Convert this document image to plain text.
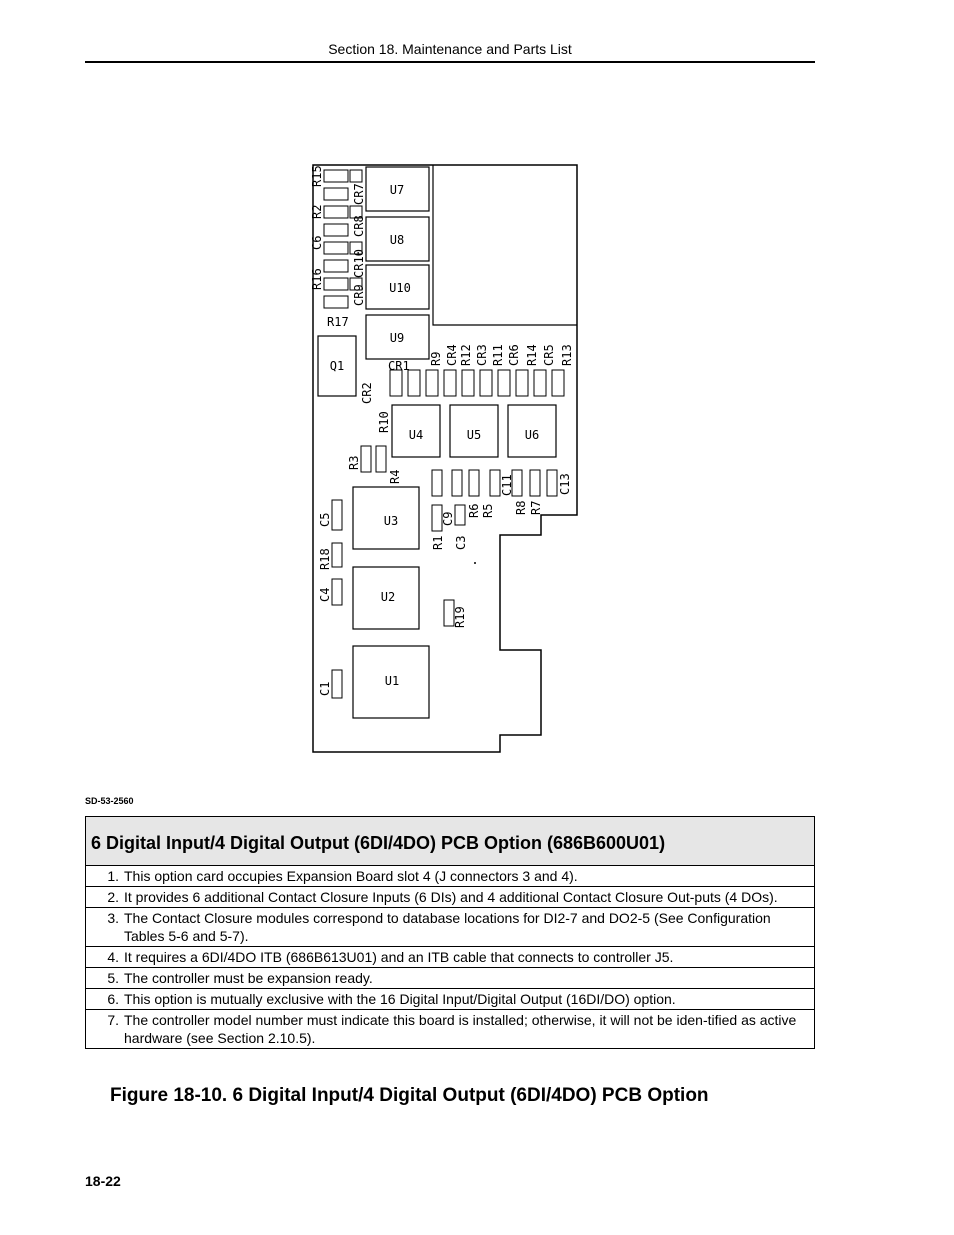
Section 18. Maintenance and Parts List
U7
U8
U10
U9
Q1
U4	U5	U6
U3
U2
U1
R15
R2
C6
R16
CR9
CR10
CR8
CR7
R17
R9 CR4 R12 CR3 R11 CR6 R14 CR5 R13
CR1
CR2
R10
R3
R4
C5
R18
C4
C1
R1
C9
C3
R6 R5
C11
R8 R7
C13
R19
SD-53-2560
6 Digital Input/4 Digital Output (6DI/4DO) PCB Option (686B600U01)
1. This option card occupies Expansion Board slot 4 (J connectors 3 and 4).
2. It provides 6 additional Contact Closure Inputs (6 DIs) and 4 additional Contact Closure Out-puts (4 DOs).
3. The Contact Closure modules correspond to database locations for DI2-7 and DO2-5 (See Configuration Tables 5-6 and 5-7).
4. It requires a 6DI/4DO ITB (686B613U01) and an ITB cable that connects to controller J5.
5. The controller must be expansion ready.
6. This option is mutually exclusive with the 16 Digital Input/Digital Output (16DI/DO) option.
7. The controller model number must indicate this board is installed; otherwise, it will not be iden-tified as active hardware (see Section 2.10.5).
Figure 18-10. 6 Digital Input/4 Digital Output (6DI/4DO) PCB Option
18-22
